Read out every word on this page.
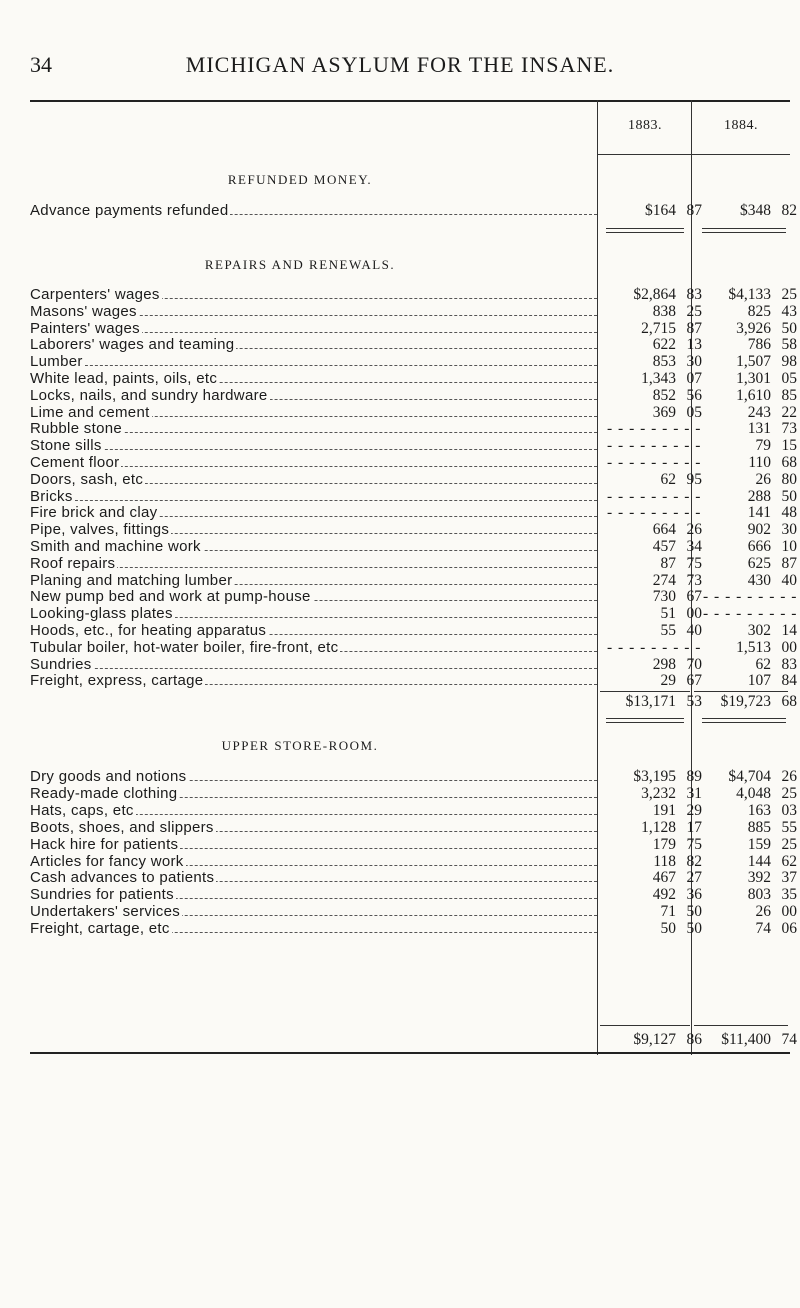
34	MICHIGAN ASYLUM FOR THE INSANE.
1883.	1884.
REFUNDED MONEY.
Advance payments refunded	$164 87	$348 82
REPAIRS AND RENEWALS.
Carpenters' wages	$2,864 83	$4,133 25
Masons' wages	838 25	825 43
Painters' wages	2,715 87	3,926 50
Laborers' wages and teaming	622 13	786 58
Lumber	853 30	1,507 98
White lead, paints, oils, etc	1,343 07	1,301 05
Locks, nails, and sundry hardware	852 56	1,610 85
Lime and cement	369 05	243 22
Rubble stone	- - - - - - - - -	131 73
Stone sills	- - - - - - - - -	79 15
Cement floor	- - - - - - - - -	110 68
Doors, sash, etc	62 95	26 80
Bricks	- - - - - - - - -	288 50
Fire brick and clay	- - - - - - - - -	141 48
Pipe, valves, fittings	664 26	902 30
Smith and machine work	457 34	666 10
Roof repairs	87 75	625 87
Planing and matching lumber	274 73	430 40
New pump bed and work at pump-house	730 67 - - - - - - - - -
Looking-glass plates	51 00 - - - - - - - - -
Hoods, etc., for heating apparatus	55 40	302 14
Tubular boiler, hot-water boiler, fire-front, etc	- - - - - - - - -	1,513 00
Sundries	298 70	62 83
Freight, express, cartage	29 67	107 84
$13,171 53	$19,723 68
UPPER STORE-ROOM.
Dry goods and notions	$3,195 89	$4,704 26
Ready-made clothing	3,232 31	4,048 25
Hats, caps, etc	191 29	163 03
Boots, shoes, and slippers	1,128 17	885 55
Hack hire for patients	179 75	159 25
Articles for fancy work	118 82	144 62
Cash advances to patients	467 27	392 37
Sundries for patients	492 36	803 35
Undertakers' services	71 50	26 00
Freight, cartage, etc	50 50	74 06
$9,127 86	$11,400 74
